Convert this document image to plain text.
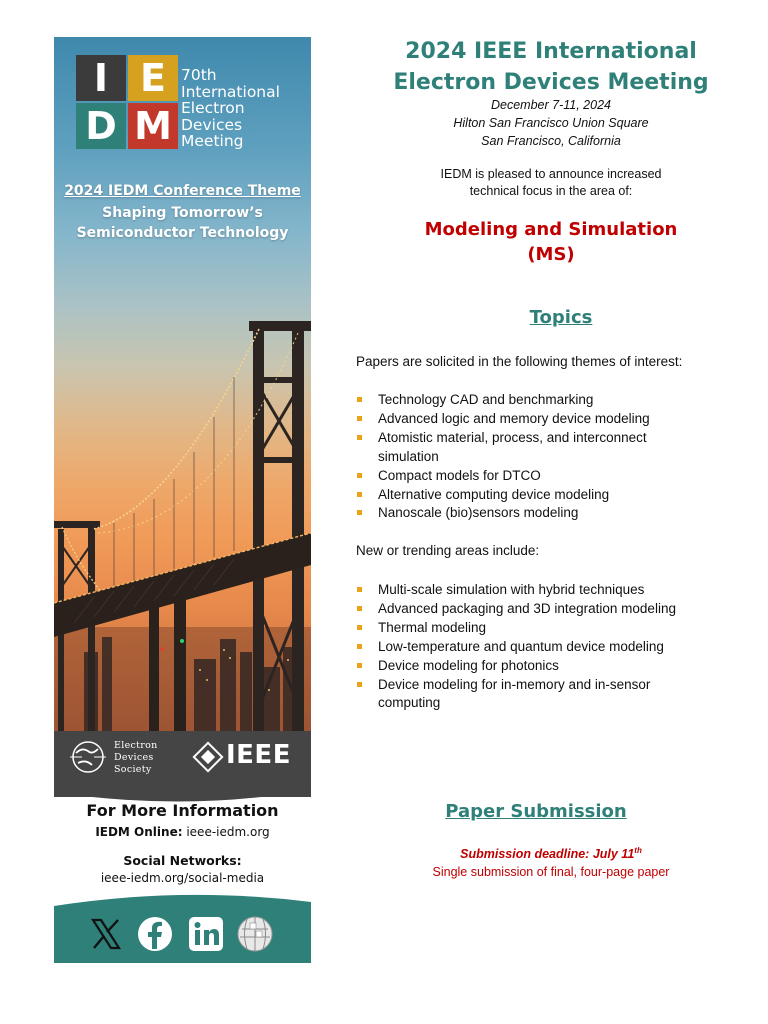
I E
D M
70th
International
Electron
Devices
Meeting
2024 IEDM Conference Theme
Shaping Tomorrow’s
Semiconductor Technology
Electron
Devices
Society	IEEE
For More Information
IEDM Online: ieee-iedm.org
Social Networks:
ieee-iedm.org/social-media
2024 IEEE International
Electron Devices Meeting
December 7-11, 2024
Hilton San Francisco Union Square
San Francisco, California
IEDM is pleased to announce increased
technical focus in the area of:
Modeling and Simulation
(MS)
Topics
Papers are solicited in the following themes of interest:
Technology CAD and benchmarking
Advanced logic and memory device modeling
Atomistic material, process, and interconnect simulation
Compact models for DTCO
Alternative computing device modeling
Nanoscale (bio)sensors modeling
New or trending areas include:
Multi-scale simulation with hybrid techniques
Advanced packaging and 3D integration modeling
Thermal modeling
Low-temperature and quantum device modeling
Device modeling for photonics
Device modeling for in-memory and in-sensor computing
Paper Submission
Submission deadline: July 11th
Single submission of final, four-page paper
